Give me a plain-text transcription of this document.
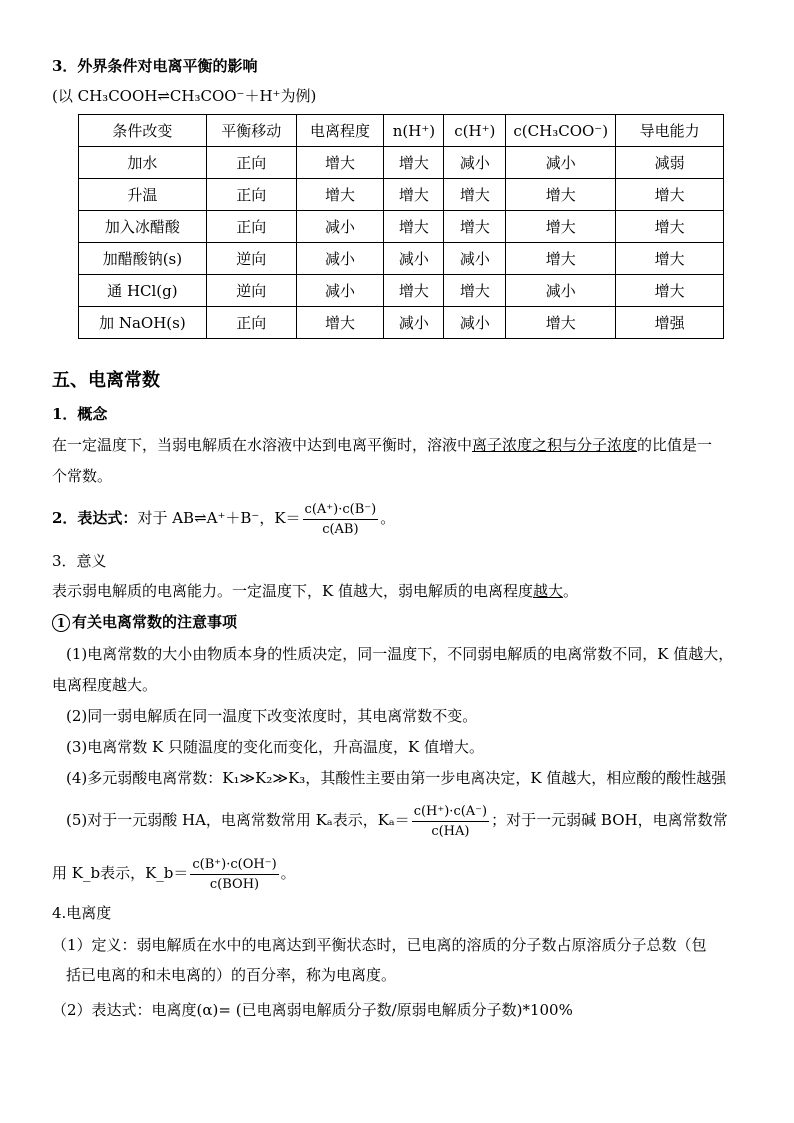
3．外界条件对电离平衡的影响
(以 CH₃COOH⇌CH₃COO⁻＋H⁺为例)
条件改变	平衡移动	电离程度	n(H⁺)	c(H⁺)	c(CH₃COO⁻)	导电能力
加水	正向	增大	增大	减小	减小	减弱
升温	正向	增大	增大	增大	增大	增大
加入冰醋酸	正向	减小	增大	增大	增大	增大
加醋酸钠(s)	逆向	减小	减小	减小	增大	增大
通 HCl(g)	逆向	减小	增大	增大	减小	增大
加 NaOH(s)	正向	增大	减小	减小	增大	增强
五、电离常数
1．概念
在一定温度下，当弱电解质在水溶液中达到电离平衡时，溶液中离子浓度之积与分子浓度的比值是一
个常数。
2．表达式：对于 AB⇌A⁺＋B⁻，$K= \frac{c(A^+)\cdot c(B^-)}{c(AB)}$ 。
3．意义
表示弱电解质的电离能力。一定温度下，K 值越大，弱电解质的电离程度越大。
1 有关电离常数的注意事项
(1)电离常数的大小由物质本身的性质决定，同一温度下，不同弱电解质的电离常数不同，K 值越大，
电离程度越大。
(2)同一弱电解质在同一温度下改变浓度时，其电离常数不变。
(3)电离常数 K 只随温度的变化而变化，升高温度，K 值增大。
(4)多元弱酸电离常数：K₁≫K₂≫K₃，其酸性主要由第一步电离决定，K 值越大，相应酸的酸性越强
(5)对于一元弱酸 HA，电离常数常用 Kₐ表示，$K_a= \frac{c(H^+)\cdot c(A^-)}{c(HA)}$ ；对于一元弱碱 BOH，电离常数常
用 K_b表示，K_b＝ $\frac{c(B^+)\cdot c(OH^-)}{\text{c(BOH)}}$ 。
4.电离度
（1）定义：弱电解质在水中的电离达到平衡状态时，已电离的溶质的分子数占原溶质分子总数（包
括已电离的和未电离的）的百分率，称为电离度。
（2）表达式：电离度(α)= (已电离弱电解质分子数/原弱电解质分子数)*100%
